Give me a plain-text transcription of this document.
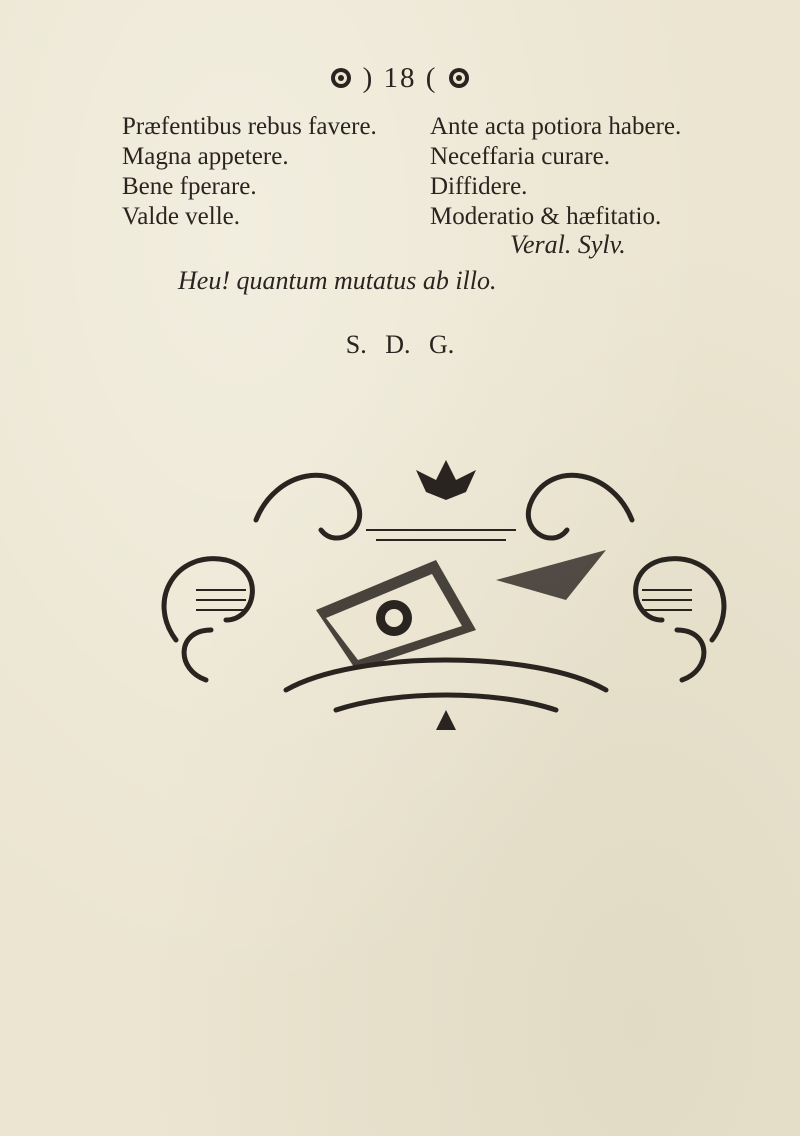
) 18 (
Præfentibus rebus favere.
Magna appetere.
Bene fperare.
Valde velle.
Ante acta potiora habere.
Neceffaria curare.
Diffidere.
Moderatio & hæfitatio.
Veral. Sylv.
Heu! quantum mutatus ab illo.
S. D. G.
